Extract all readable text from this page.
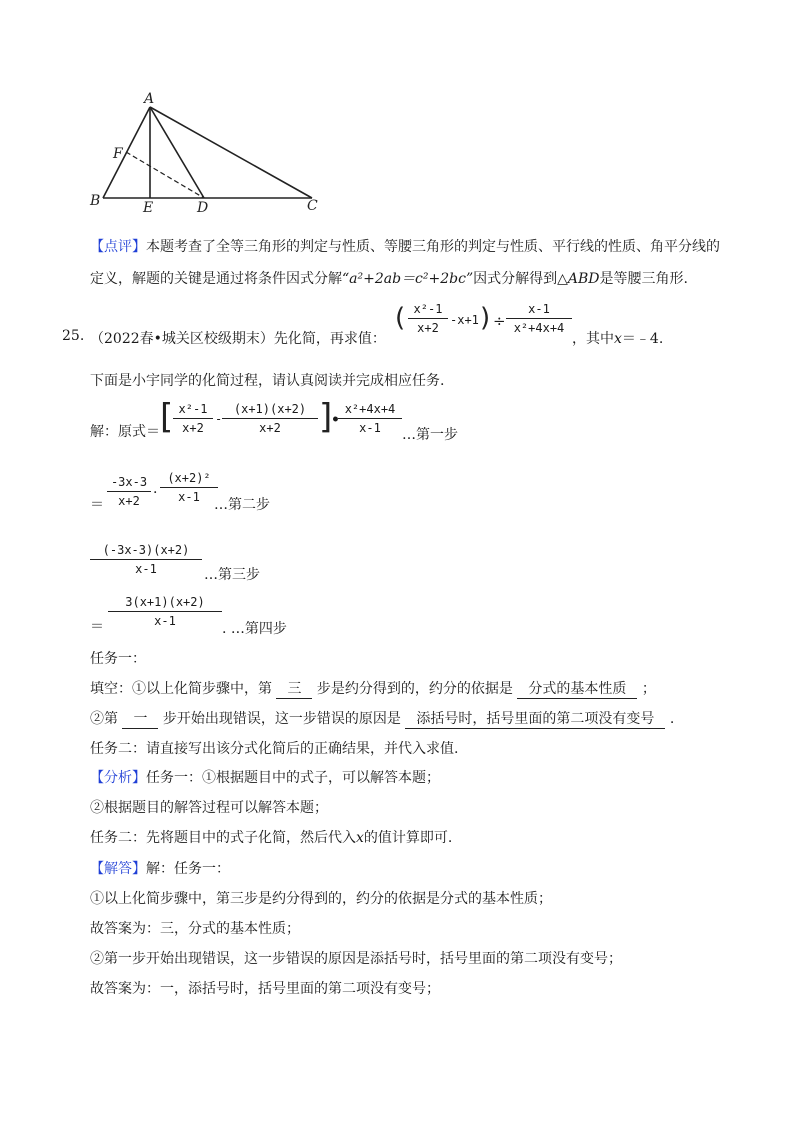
A
F
B	E	D	C
【点评】本题考查了全等三角形的判定与性质、等腰三角形的判定与性质、平行线的性质、角平分线的
定义，解题的关键是通过将条件因式分解“a²+2ab＝c²+2bc”因式分解得到△ABD是等腰三角形.
25. （2022春•城关区校级期末）先化简，再求值：
( x²-1
x+2
-x+1 ) ÷
x-1
x²+4x+4
，其中x＝﹣4.
下面是小宇同学的化简过程，请认真阅读并完成相应任务.
解：原式＝ [ x²-1
x+2
-
(x+1)(x+2)
x+2	]
•
x²+4x+4
x-1	…第一步
＝
-3x-3
x+2 ·
(x+2)²
x-1	…第二步
(-3x-3)(x+2)
x-1	…第三步
＝
3(x+1)(x+2)
x-1	. …第四步
任务一：
填空：①以上化简步骤中，第 三 步是约分得到的，约分的依据是 分式的基本性质 ；
②第 一 步开始出现错误，这一步错误的原因是 添括号时，括号里面的第二项没有变号 .
任务二：请直接写出该分式化简后的正确结果，并代入求值.
【分析】任务一：①根据题目中的式子，可以解答本题；
②根据题目的解答过程可以解答本题；
任务二：先将题目中的式子化简，然后代入x的值计算即可.
【解答】解：任务一：
①以上化简步骤中，第三步是约分得到的，约分的依据是分式的基本性质；
故答案为：三，分式的基本性质；
②第一步开始出现错误，这一步错误的原因是添括号时，括号里面的第二项没有变号；
故答案为：一，添括号时，括号里面的第二项没有变号；
